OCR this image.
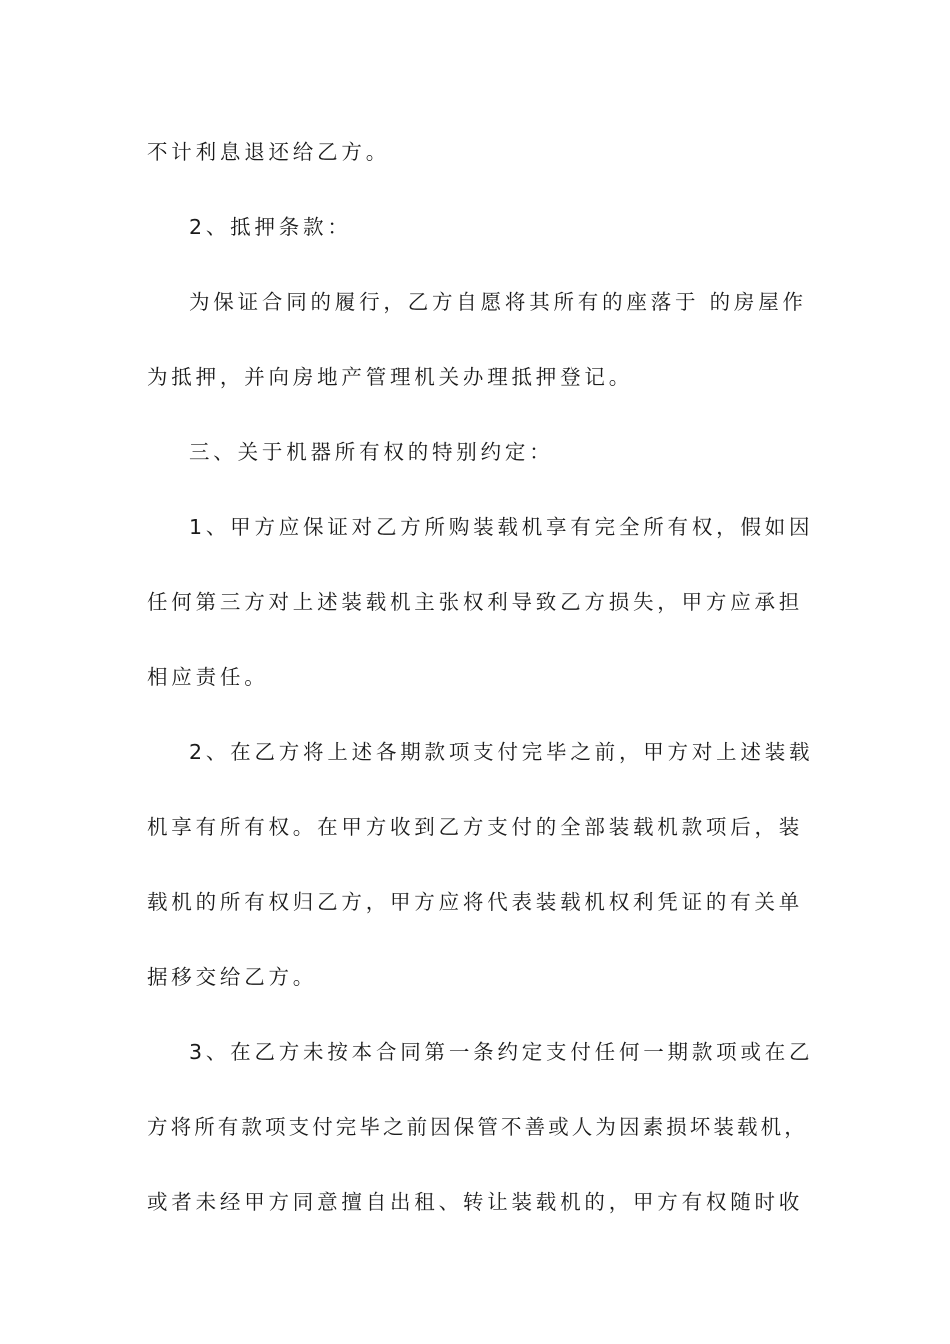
不计利息退还给乙方。
2、抵押条款：
为保证合同的履行，乙方自愿将其所有的座落于 的房屋作
为抵押，并向房地产管理机关办理抵押登记。
三、关于机器所有权的特别约定：
1、甲方应保证对乙方所购装载机享有完全所有权，假如因
任何第三方对上述装载机主张权利导致乙方损失，甲方应承担
相应责任。
2、在乙方将上述各期款项支付完毕之前，甲方对上述装载
机享有所有权。在甲方收到乙方支付的全部装载机款项后，装
载机的所有权归乙方，甲方应将代表装载机权利凭证的有关单
据移交给乙方。
3、在乙方未按本合同第一条约定支付任何一期款项或在乙
方将所有款项支付完毕之前因保管不善或人为因素损坏装载机，
或者未经甲方同意擅自出租、转让装载机的，甲方有权随时收
